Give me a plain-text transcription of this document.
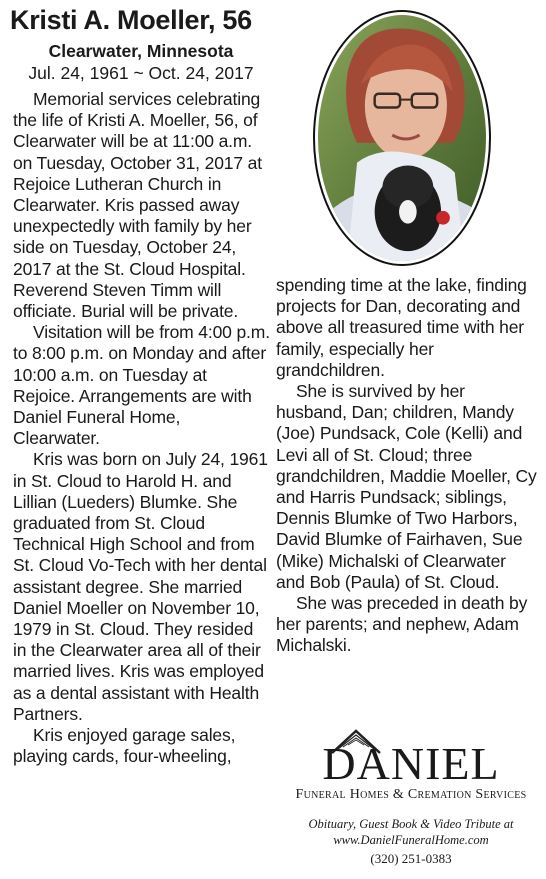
Kristi A. Moeller, 56
Clearwater, Minnesota
Jul. 24, 1961 ~ Oct. 24, 2017

Memorial services celebrating the life of Kristi A. Moeller, 56, of Clearwater will be at 11:00 a.m. on Tuesday, October 31, 2017 at Rejoice Lutheran Church in Clearwater. Kris passed away unexpectedly with family by her side on Tuesday, October 24, 2017 at the St. Cloud Hospital. Reverend Steven Timm will officiate. Burial will be private.

Visitation will be from 4:00 p.m. to 8:00 p.m. on Monday and after 10:00 a.m. on Tuesday at Rejoice. Arrangements are with Daniel Funeral Home, Clearwater.

Kris was born on July 24, 1961 in St. Cloud to Harold H. and Lillian (Lueders) Blumke. She graduated from St. Cloud Technical High School and from St. Cloud Vo-Tech with her dental assistant degree. She married Daniel Moeller on November 10, 1979 in St. Cloud. They resided in the Clearwater area all of their married lives. Kris was employed as a dental assistant with Health Partners.

Kris enjoyed garage sales, playing cards, four-wheeling,

spending time at the lake, finding projects for Dan, decorating and above all treasured time with her family, especially her grandchildren.

She is survived by her husband, Dan; children, Mandy (Joe) Pundsack, Cole (Kelli) and Levi all of St. Cloud; three grandchildren, Maddie Moeller, Cy and Harris Pundsack; siblings, Dennis Blumke of Two Harbors, David Blumke of Fairhaven, Sue (Mike) Michalski of Clearwater and Bob (Paula) of St. Cloud.

She was preceded in death by her parents; and nephew, Adam Michalski.

DANIEL
Funeral Homes & Cremation Services
Obituary, Guest Book & Video Tribute at
www.DanielFuneralHome.com
(320) 251-0383
